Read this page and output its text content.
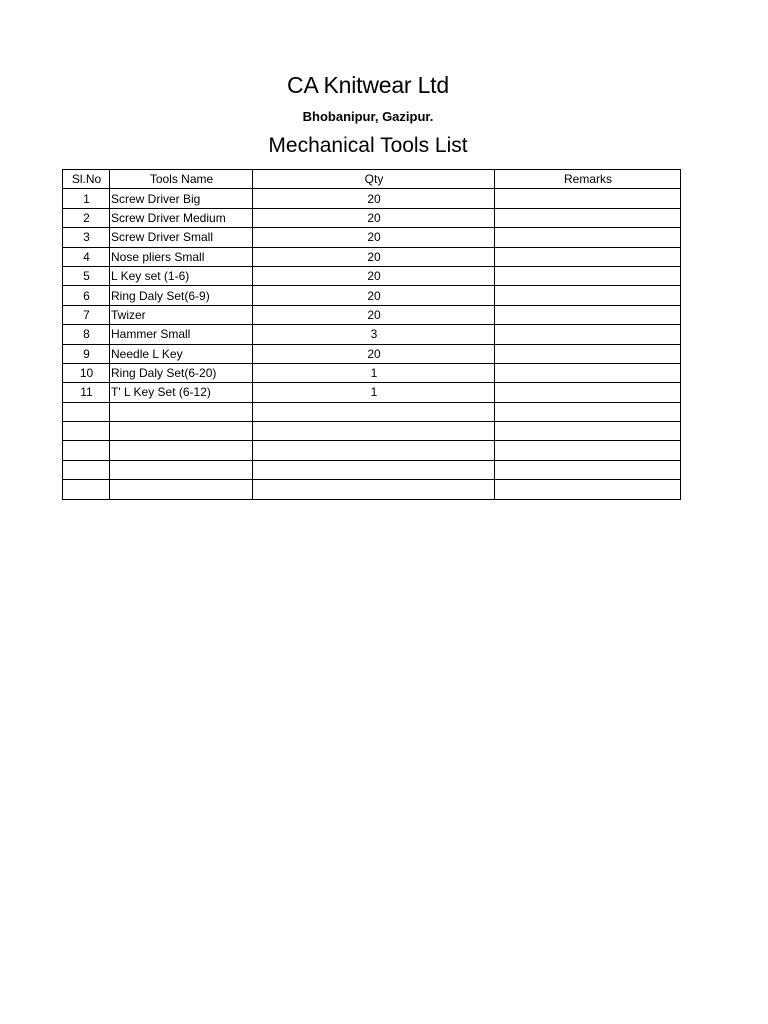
CA Knitwear Ltd
Bhobanipur, Gazipur.
Mechanical Tools List
Sl.No	Tools Name	Qty	Remarks
1	Screw Driver Big	20	
2	Screw Driver Medium	20	
3	Screw Driver Small	20	
4	Nose pliers Small	20	
5	L Key set (1-6)	20	
6	Ring Daly Set(6-9)	20	
7	Twizer	20	
8	Hammer Small	3	
9	Needle L Key	20	
10	Ring Daly Set(6-20)	1	
11	T' L Key Set (6-12)	1	
